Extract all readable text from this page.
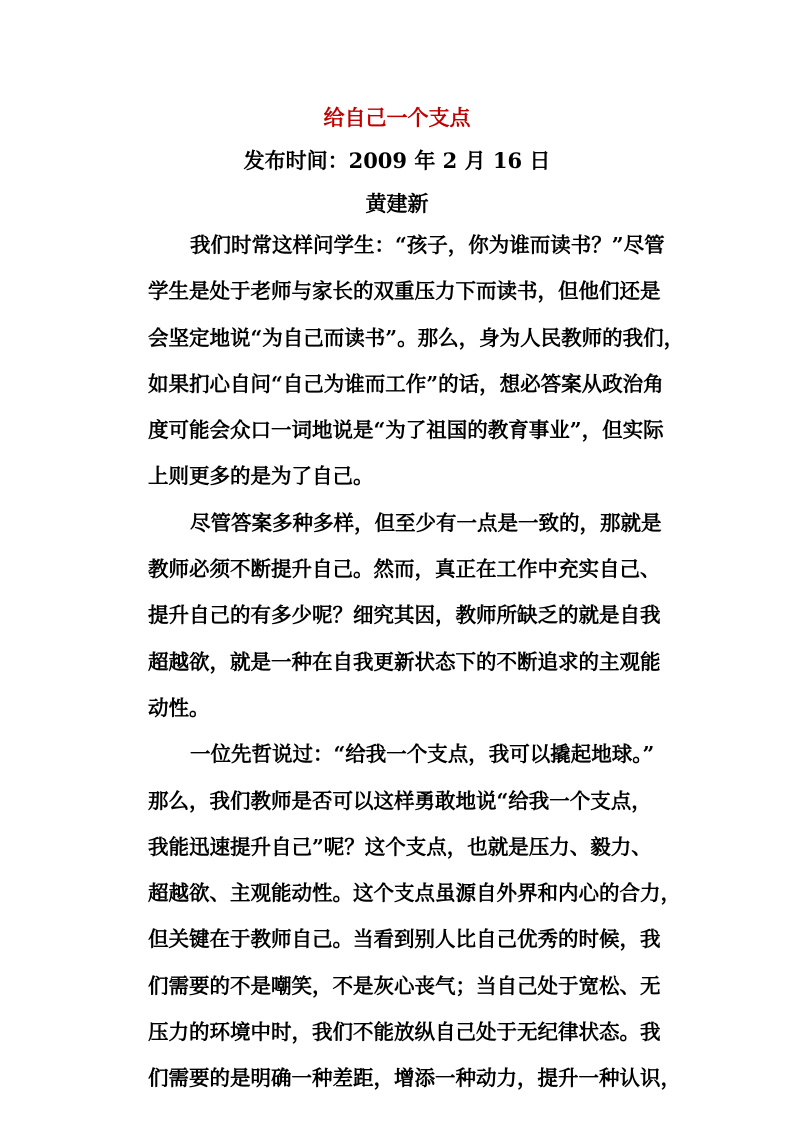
给自己一个支点
发布时间：2009 年 2 月 16 日
黄建新
我们时常这样问学生：“孩子，你为谁而读书？”尽管
学生是处于老师与家长的双重压力下而读书，但他们还是
会坚定地说“为自己而读书”。那么，身为人民教师的我们，
如果扪心自问“自己为谁而工作”的话，想必答案从政治角
度可能会众口一词地说是“为了祖国的教育事业”，但实际
上则更多的是为了自己。
尽管答案多种多样，但至少有一点是一致的，那就是
教师必须不断提升自己。然而，真正在工作中充实自己、
提升自己的有多少呢？细究其因，教师所缺乏的就是自我
超越欲，就是一种在自我更新状态下的不断追求的主观能
动性。
一位先哲说过：“给我一个支点，我可以撬起地球。”
那么，我们教师是否可以这样勇敢地说“给我一个支点，
我能迅速提升自己”呢？这个支点，也就是压力、毅力、
超越欲、主观能动性。这个支点虽源自外界和内心的合力，
但关键在于教师自己。当看到别人比自己优秀的时候，我
们需要的不是嘲笑，不是灰心丧气；当自己处于宽松、无
压力的环境中时，我们不能放纵自己处于无纪律状态。我
们需要的是明确一种差距，增添一种动力，提升一种认识，
